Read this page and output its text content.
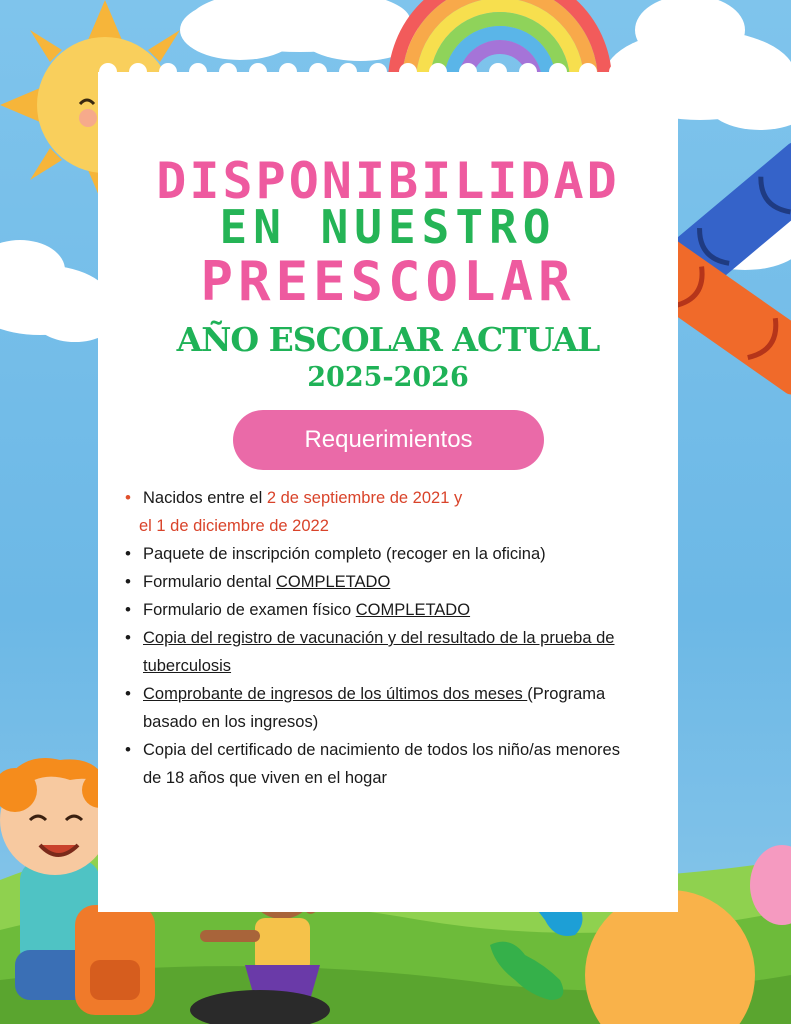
DISPONIBILIDAD
EN NUESTRO
PREESCOLAR
AÑO ESCOLAR ACTUAL
2025-2026
Requerimientos
• Nacidos entre el 2 de septiembre de 2021 y
el 1 de diciembre de 2022
• Paquete de inscripción completo (recoger en la oficina)
• Formulario dental COMPLETADO
• Formulario de examen físico COMPLETADO
• Copia del registro de vacunación y del resultado de la prueba de
tuberculosis
• Comprobante de ingresos de los últimos dos meses (Programa
basado en los ingresos)
• Copia del certificado de nacimiento de todos los niño/as menores
de 18 años que viven en el hogar
